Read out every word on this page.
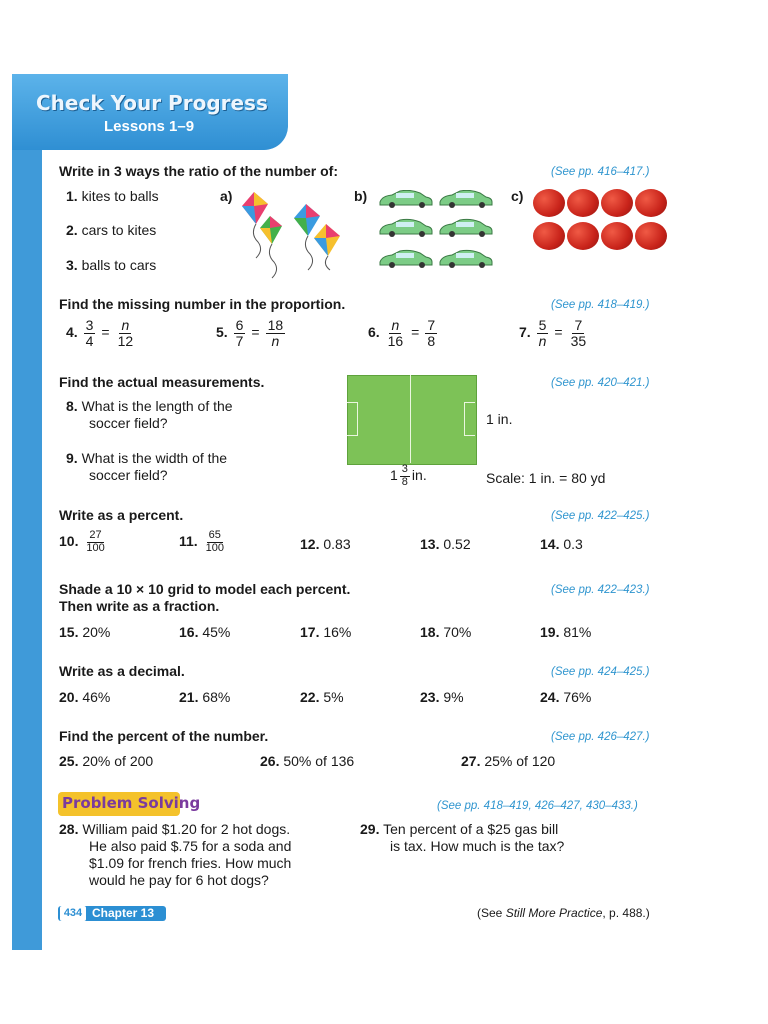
Check Your Progress
Lessons 1–9
Write in 3 ways the ratio of the number of:	(See pp. 416–417.)
1. kites to balls
2. cars to kites
3. balls to cars
a)	b)	c)
Find the missing number in the proportion.	(See pp. 418–419.)
4. $\frac{3}{4} = \frac{n}{12}$	5. $\frac{6}{7} = \frac{18}{n}$	6. $\frac{n}{16} = \frac{7}{8}$	7. $\frac{5}{n} = \frac{7}{35}$
Find the actual measurements.	(See pp. 420–421.)
8. What is the length of the
soccer field?
9. What is the width of the
soccer field?
1 in.
$1 \frac{3}{8}$ in.	Scale: 1 in. = 80 yd
Write as a percent.	(See pp. 422–425.)
10. $\frac{27}{100}$	11. $\frac{65}{100}$	12. 0.83	13. 0.52	14. 0.3
Shade a 10 × 10 grid to model each percent.
Then write as a fraction.
(See pp. 422–423.)
15. 20%	16. 45%	17. 16%	18. 70%	19. 81%
Write as a decimal.	(See pp. 424–425.)
20. 46%	21. 68%	22. 5%	23. 9%	24. 76%
Find the percent of the number.	(See pp. 426–427.)
25. 20% of 200	26. 50% of 136	27. 25% of 120
Problem Solving	(See pp. 418–419, 426–427, 430–433.)
28. William paid $1.20 for 2 hot dogs.
He also paid $.75 for a soda and
$1.09 for french fries. How much
would he pay for 6 hot dogs?
29. Ten percent of a $25 gas bill
is tax. How much is the tax?
434 Chapter 13	(See Still More Practice, p. 488.)
